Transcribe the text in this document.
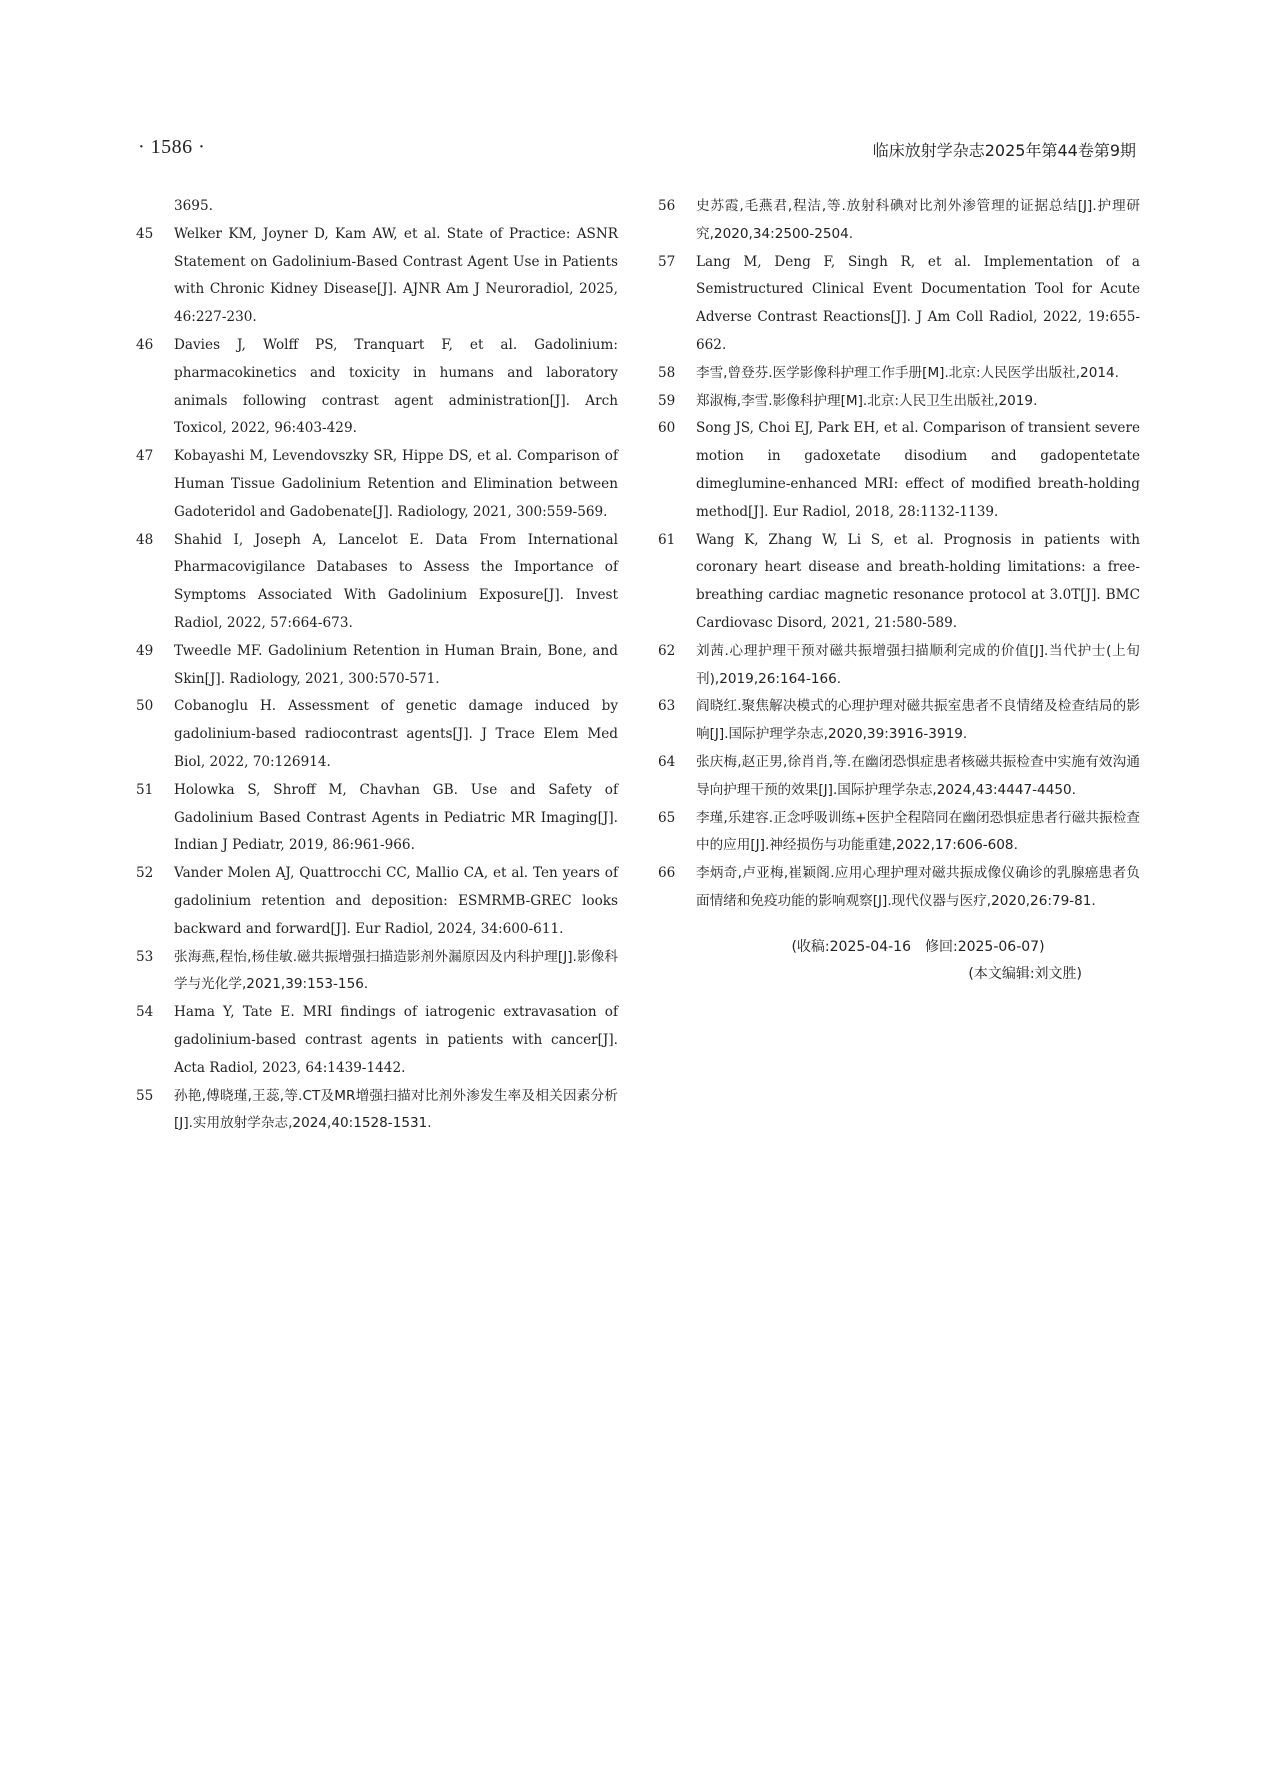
· 1586 ·	临床放射学杂志2025年第44卷第9期

3695.

45	Welker KM, Joyner D, Kam AW, et al. State of Practice: ASNR Statement on Gadolinium-Based Contrast Agent Use in Patients with Chronic Kidney Disease[J]. AJNR Am J Neuroradiol, 2025, 46:227-230.

46	Davies J, Wolff PS, Tranquart F, et al. Gadolinium: pharmacokinetics and toxicity in humans and laboratory animals following contrast agent administration[J]. Arch Toxicol, 2022, 96:403-429.

47	Kobayashi M, Levendovszky SR, Hippe DS, et al. Comparison of Human Tissue Gadolinium Retention and Elimination between Gadoteridol and Gadobenate[J]. Radiology, 2021, 300:559-569.

48	Shahid I, Joseph A, Lancelot E. Data From International Pharmacovigilance Databases to Assess the Importance of Symptoms Associated With Gadolinium Exposure[J]. Invest Radiol, 2022, 57:664-673.

49	Tweedle MF. Gadolinium Retention in Human Brain, Bone, and Skin[J]. Radiology, 2021, 300:570-571.

50	Cobanoglu H. Assessment of genetic damage induced by gadolinium-based radiocontrast agents[J]. J Trace Elem Med Biol, 2022, 70:126914.

51	Holowka S, Shroff M, Chavhan GB. Use and Safety of Gadolinium Based Contrast Agents in Pediatric MR Imaging[J]. Indian J Pediatr, 2019, 86:961-966.

52	Vander Molen AJ, Quattrocchi CC, Mallio CA, et al. Ten years of gadolinium retention and deposition: ESMRMB-GREC looks backward and forward[J]. Eur Radiol, 2024, 34:600-611.

53	张海燕,程怡,杨佳敏.磁共振增强扫描造影剂外漏原因及内科护理[J].影像科学与光化学,2021,39:153-156.

54	Hama Y, Tate E. MRI findings of iatrogenic extravasation of gadolinium-based contrast agents in patients with cancer[J]. Acta Radiol, 2023, 64:1439-1442.

55	孙艳,傅晓瑾,王蕊,等.CT及MR增强扫描对比剂外渗发生率及相关因素分析[J].实用放射学杂志,2024,40:1528-1531.

56	史苏霞,毛燕君,程洁,等.放射科碘对比剂外渗管理的证据总结[J].护理研究,2020,34:2500-2504.

57	Lang M, Deng F, Singh R, et al. Implementation of a Semistructured Clinical Event Documentation Tool for Acute Adverse Contrast Reactions[J]. J Am Coll Radiol, 2022, 19:655-662.

58	李雪,曾登芬.医学影像科护理工作手册[M].北京:人民医学出版社,2014.

59	郑淑梅,李雪.影像科护理[M].北京:人民卫生出版社,2019.

60	Song JS, Choi EJ, Park EH, et al. Comparison of transient severe motion in gadoxetate disodium and gadopentetate dimeglumine-enhanced MRI: effect of modified breath-holding method[J]. Eur Radiol, 2018, 28:1132-1139.

61	Wang K, Zhang W, Li S, et al. Prognosis in patients with coronary heart disease and breath-holding limitations: a free-breathing cardiac magnetic resonance protocol at 3.0T[J]. BMC Cardiovasc Disord, 2021, 21:580-589.

62	刘茜.心理护理干预对磁共振增强扫描顺利完成的价值[J].当代护士(上旬刊),2019,26:164-166.

63	阎晓红.聚焦解决模式的心理护理对磁共振室患者不良情绪及检查结局的影响[J].国际护理学杂志,2020,39:3916-3919.

64	张庆梅,赵正男,徐肖肖,等.在幽闭恐惧症患者核磁共振检查中实施有效沟通导向护理干预的效果[J].国际护理学杂志,2024,43:4447-4450.

65	李瑾,乐建容.正念呼吸训练+医护全程陪同在幽闭恐惧症患者行磁共振检查中的应用[J].神经损伤与功能重建,2022,17:606-608.

66	李炳奇,卢亚梅,崔颖阁.应用心理护理对磁共振成像仪确诊的乳腺癌患者负面情绪和免疫功能的影响观察[J].现代仪器与医疗,2020,26:79-81.

(收稿:2025-04-16　修回:2025-06-07)
(本文编辑:刘文胜)
